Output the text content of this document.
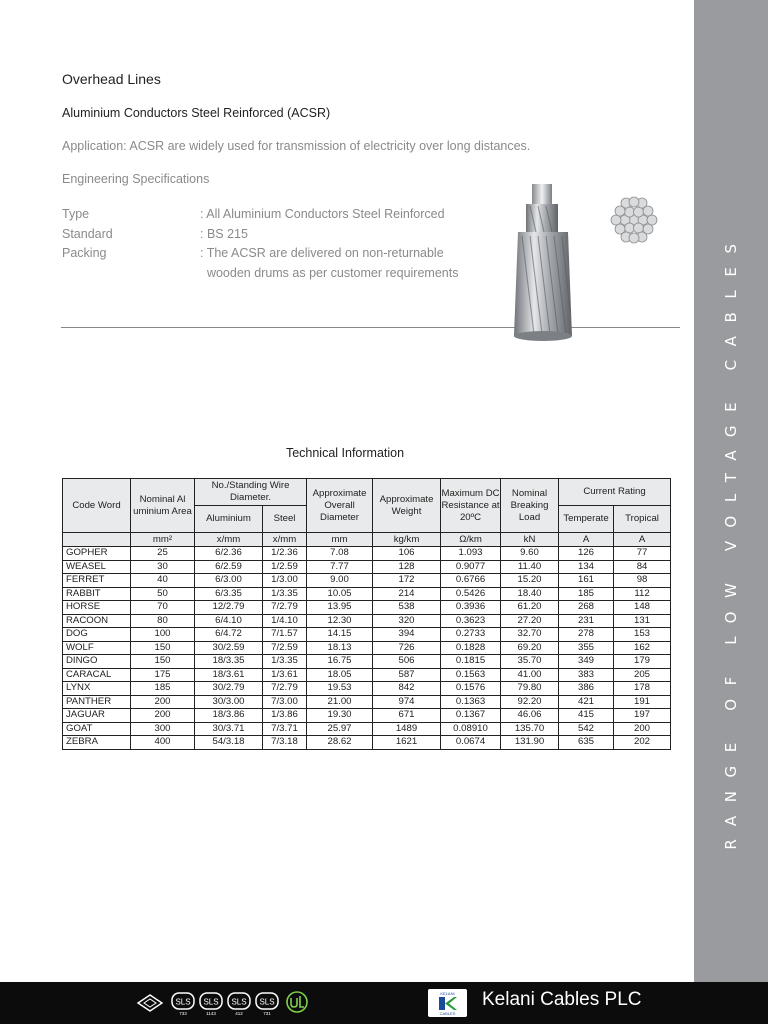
RANGE OF LOW VOLTAGE CABLES
Overhead Lines
Aluminium Conductors Steel Reinforced (ACSR)
Application: ACSR are widely used for transmission of electricity over long distances.
Engineering Specifications
Type	: All Aluminium Conductors Steel Reinforced
Standard	: BS 215
Packing	: The ACSR are delivered on non-returnable
wooden drums as per customer requirements
Technical Information
Code Word	Nominal Al uminium Area	No./Standing Wire Diameter.		Approximate Overall Diameter	Approximate Weight	Maximum DC Resistance at 20ºC	Nominal Breaking Load	Current Rating	
		Aluminium	Steel					Temperate	Tropical
	mm²	x/mm	x/mm	mm	kg/km	Ω/km	kN	A	A
GOPHER	25	6/2.36	1/2.36	7.08	106	1.093	9.60	126	77
WEASEL	30	6/2.59	1/2.59	7.77	128	0.9077	11.40	134	84
FERRET	40	6/3.00	1/3.00	9.00	172	0.6766	15.20	161	98
RABBIT	50	6/3.35	1/3.35	10.05	214	0.5426	18.40	185	112
HORSE	70	12/2.79	7/2.79	13.95	538	0.3936	61.20	268	148
RACOON	80	6/4.10	1/4.10	12.30	320	0.3623	27.20	231	131
DOG	100	6/4.72	7/1.57	14.15	394	0.2733	32.70	278	153
WOLF	150	30/2.59	7/2.59	18.13	726	0.1828	69.20	355	162
DINGO	150	18/3.35	1/3.35	16.75	506	0.1815	35.70	349	179
CARACAL	175	18/3.61	1/3.61	18.05	587	0.1563	41.00	383	205
LYNX	185	30/2.79	7/2.79	19.53	842	0.1576	79.80	386	178
PANTHER	200	30/3.00	7/3.00	21.00	974	0.1363	92.20	421	191
JAGUAR	200	18/3.86	1/3.86	19.30	671	0.1367	46.06	415	197
GOAT	300	30/3.71	7/3.71	25.97	1489	0.08910	135.70	542	200
ZEBRA	400	54/3.18	7/3.18	28.62	1621	0.0674	131.90	635	202
SLS
733
SLS
1143
SLS
412
SLS
731
KELANI
CABLES
Kelani Cables PLC
